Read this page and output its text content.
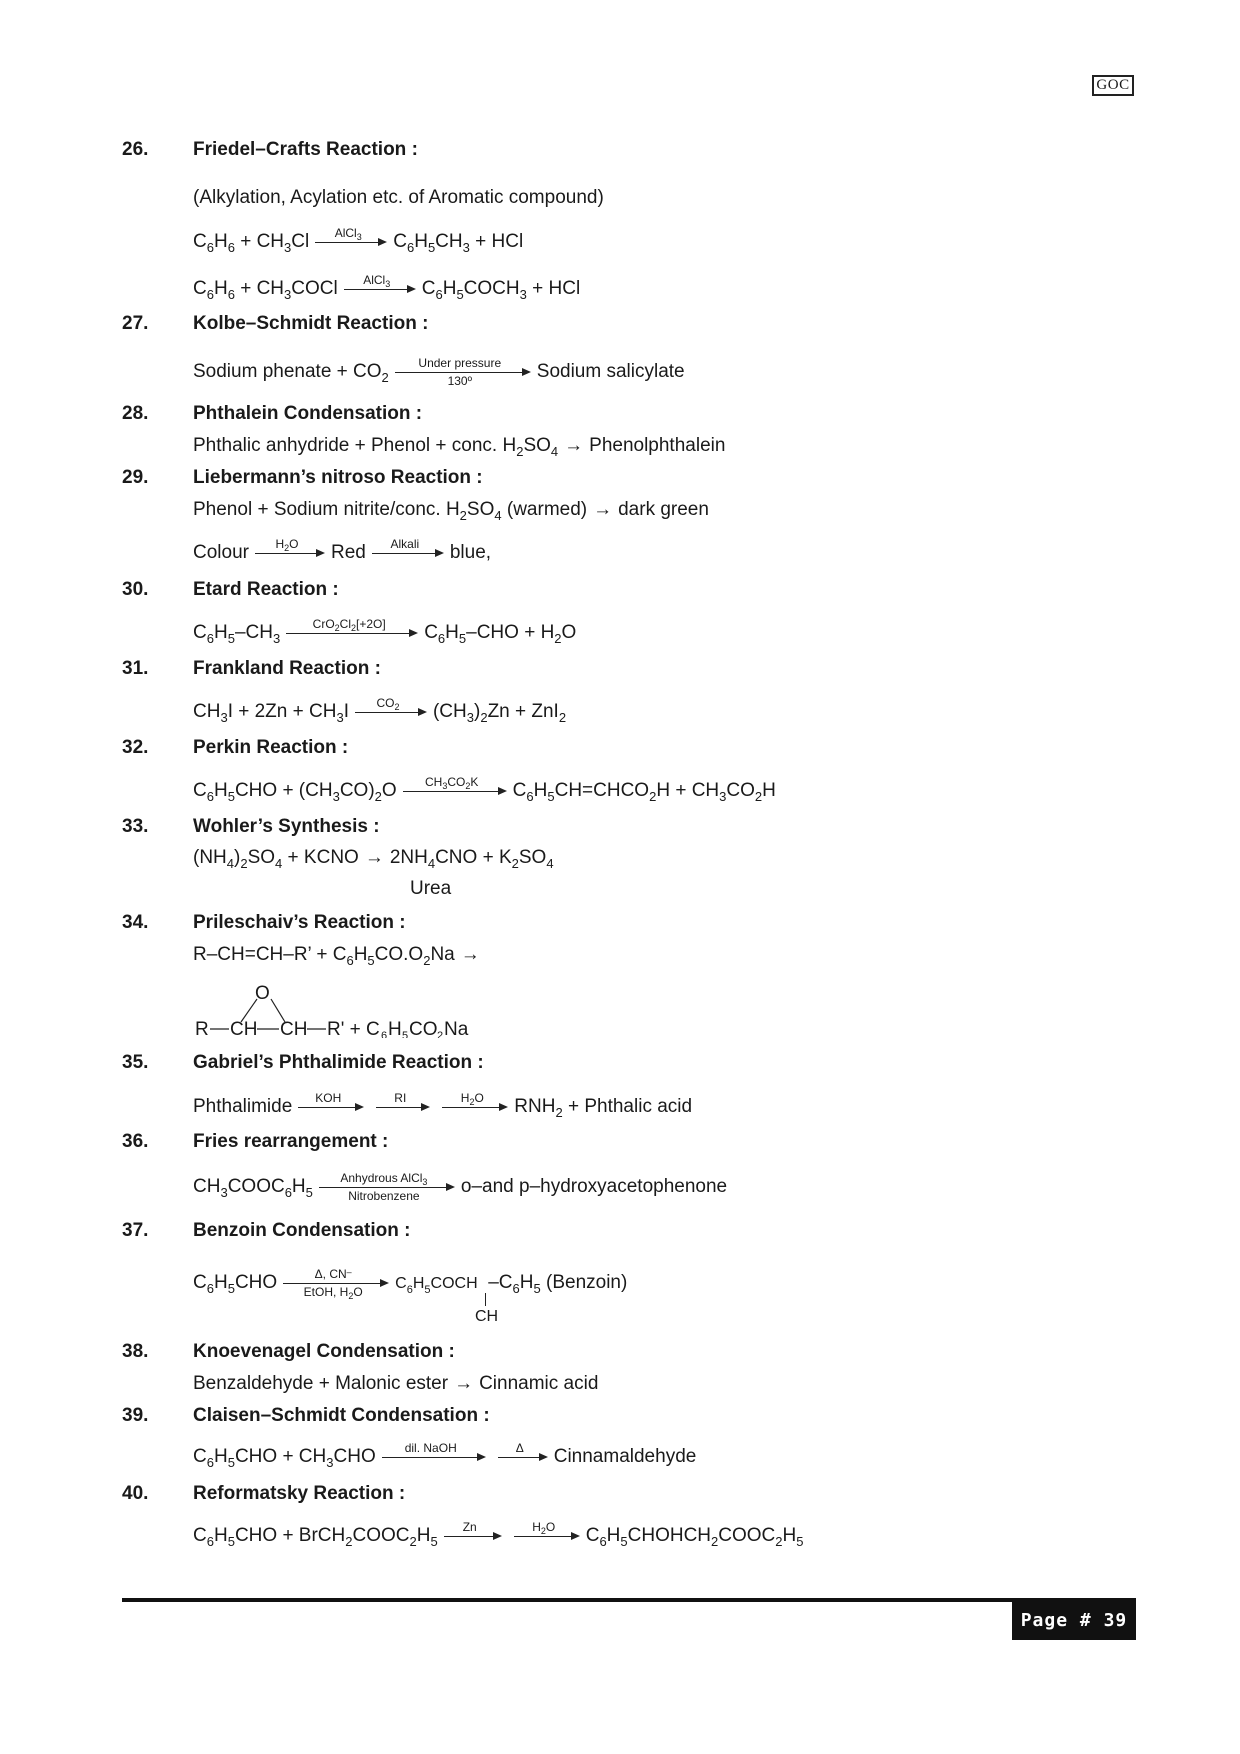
GOC
26. Friedel–Crafts Reaction :
(Alkylation, Acylation etc. of Aromatic compound)
$C_6H_6 + CH_3Cl$	AlCl$_3$	$C_6H_5CH_3$ + HCl
$C_6H_6$ + $CH_3COCl$	AlCl$_3$	$C_6H_5COCH_3$ + HCl
27. Kolbe–Schmidt Reaction :
Sodium phenate + $CO_2$
Under pressure
130º	Sodium salicylate
28. Phthalein Condensation :
Phthalic anhydride + Phenol + conc. $H_2SO_4$ → Phenolphthalein
29. Liebermann’s nitroso Reaction :
Phenol + Sodium nitrite/conc. $H_2SO_4$ (warmed) → dark green
Colour	$H_2O$	Red	Alkali	blue,
30. Etard Reaction :
$C_6H_5-CH_3$
$CrO_2Cl_2[+2O]$	$C_6H_5$–CHO + $H_2O$
31. Frankland Reaction :
$CH_3I + 2Zn + CH_3I$	$CO_2$	$(CH_3)_2Zn + ZnI_2$
32. Perkin Reaction :
$C_6H_5CHO + (CH_3CO)_2O$	$CH_3CO_2K$	$C_6H_5CH=CHCO_2H + CH_3CO_2H$
33. Wohler’s Synthesis :
$(NH_4)_2SO_4$ + KCNO → $2NH_4CNO + K_2SO_4$
Urea
34. Prileschaiv’s Reaction :
R–CH=CH–R’ + $C_6H_5CO.O_2Na$ →
O
R CH CH R' + C 6 H 5 CO 2 Na
35. Gabriel’s Phthalimide Reaction :
Phthalimide	KOH	RI	$H_2O$	$RNH_2$ + Phthalic acid
36. Fries rearrangement :
$CH_3COOC_6H_5$
Anhydrous AlCl$_3$
Nitrobenzene	o–and p–hydroxyacetophenone
37. Benzoin Condensation :
$C_6H_5CHO$	Δ, CN–
EtOH, $H_2O$	$C_6H_5COCH$  $-C_6H_5$ (Benzoin)
CH
38. Knoevenagel Condensation :
Benzaldehyde + Malonic ester → Cinnamic acid
39. Claisen–Schmidt Condensation :
$C_6H_5CHO + CH_3CHO$	dil. NaOH	Δ	Cinnamaldehyde
40. Reformatsky Reaction :
$C_6H_5CHO$ + $BrCH_2COOC_2H_5$
Zn	$H_2O$	$C_6H_5CHOHCH_2COOC_2H_5$
Page # 39
